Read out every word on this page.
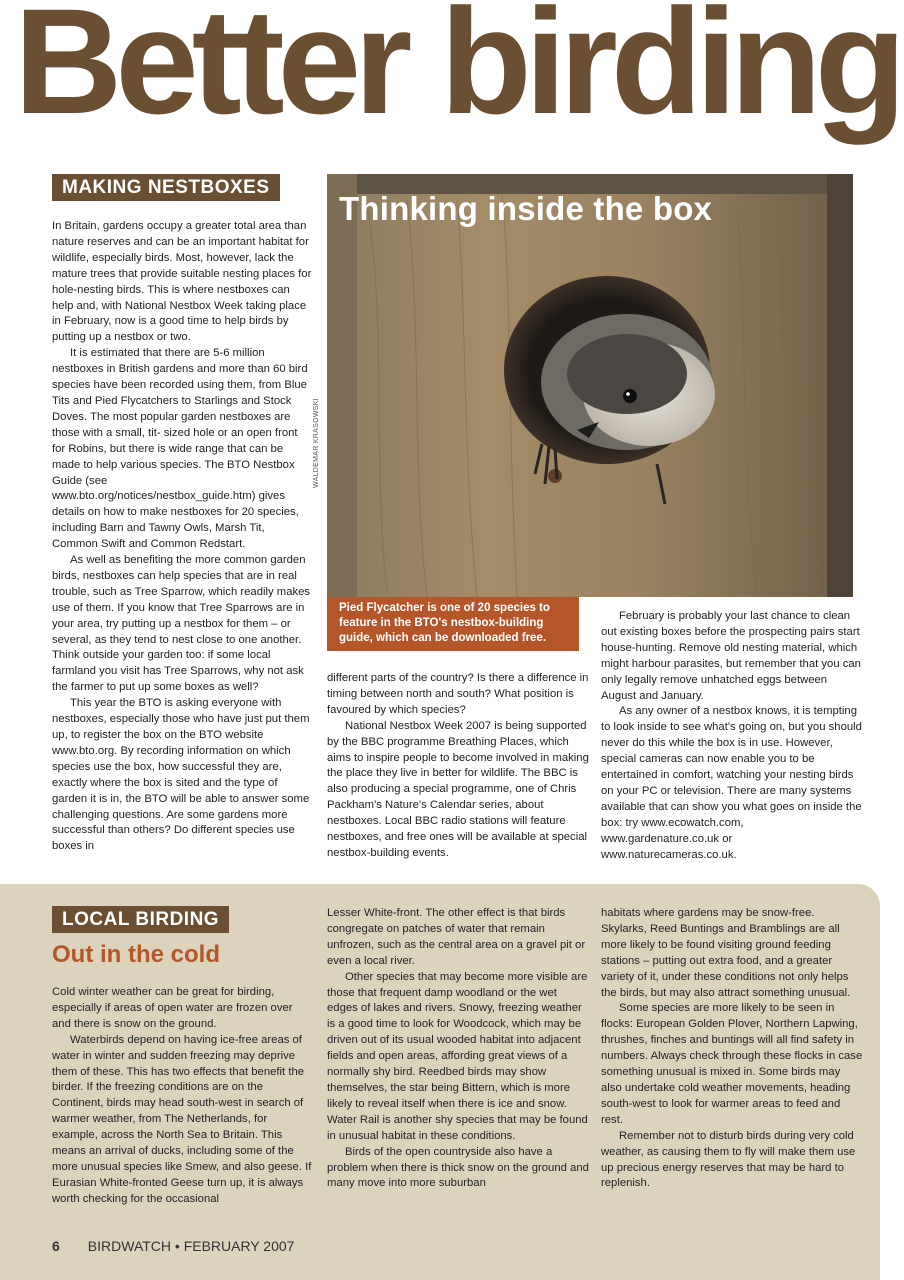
Better birding
MAKING NESTBOXES

In Britain, gardens occupy a greater total area than nature reserves and can be an important habitat for wildlife, especially birds. Most, however, lack the mature trees that provide suitable nesting places for hole-nesting birds. This is where nestboxes can help and, with National Nestbox Week taking place in February, now is a good time to help birds by putting up a nestbox or two.

It is estimated that there are 5-6 million nestboxes in British gardens and more than 60 bird species have been recorded using them, from Blue Tits and Pied Flycatchers to Starlings and Stock Doves. The most popular garden nestboxes are those with a small, tit- sized hole or an open front for Robins, but there is wide range that can be made to help various species. The BTO Nestbox Guide (see www.bto.org/notices/nestbox_guide.htm) gives details on how to make nestboxes for 20 species, including Barn and Tawny Owls, Marsh Tit, Common Swift and Common Redstart.

As well as benefiting the more common garden birds, nestboxes can help species that are in real trouble, such as Tree Sparrow, which readily makes use of them. If you know that Tree Sparrows are in your area, try putting up a nestbox for them – or several, as they tend to nest close to one another. Think outside your garden too: if some local farmland you visit has Tree Sparrows, why not ask the farmer to put up some boxes as well?

This year the BTO is asking everyone with nestboxes, especially those who have just put them up, to register the box on the BTO website www.bto.org. By recording information on which species use the box, how successful they are, exactly where the box is sited and the type of garden it is in, the BTO will be able to answer some challenging questions. Are some gardens more successful than others? Do different species use boxes in

Thinking inside the box
WALDEMAR KRASOWSKI
Pied Flycatcher is one of 20 species to
feature in the BTO's nestbox-building
guide, which can be downloaded free.

different parts of the country? Is there a difference in timing between north and south? What position is favoured by which species?

National Nestbox Week 2007 is being supported by the BBC programme Breathing Places, which aims to inspire people to become involved in making the place they live in better for wildlife. The BBC is also producing a special programme, one of Chris Packham's Nature's Calendar series, about nestboxes. Local BBC radio stations will feature nestboxes, and free ones will be available at special nestbox-building events.

February is probably your last chance to clean out existing boxes before the prospecting pairs start house-hunting. Remove old nesting material, which might harbour parasites, but remember that you can only legally remove unhatched eggs between August and January.

As any owner of a nestbox knows, it is tempting to look inside to see what's going on, but you should never do this while the box is in use. However, special cameras can now enable you to be entertained in comfort, watching your nesting birds on your PC or television. There are many systems available that can show you what goes on inside the box: try www.ecowatch.com, www.gardenature.co.uk or www.naturecameras.co.uk.

LOCAL BIRDING
Out in the cold

Cold winter weather can be great for birding, especially if areas of open water are frozen over and there is snow on the ground.

Waterbirds depend on having ice-free areas of water in winter and sudden freezing may deprive them of these. This has two effects that benefit the birder. If the freezing conditions are on the Continent, birds may head south-west in search of warmer weather, from The Netherlands, for example, across the North Sea to Britain. This means an arrival of ducks, including some of the more unusual species like Smew, and also geese. If Eurasian White-fronted Geese turn up, it is always worth checking for the occasional

Lesser White-front. The other effect is that birds congregate on patches of water that remain unfrozen, such as the central area on a gravel pit or even a local river.

Other species that may become more visible are those that frequent damp woodland or the wet edges of lakes and rivers. Snowy, freezing weather is a good time to look for Woodcock, which may be driven out of its usual wooded habitat into adjacent fields and open areas, affording great views of a normally shy bird. Reedbed birds may show themselves, the star being Bittern, which is more likely to reveal itself when there is ice and snow. Water Rail is another shy species that may be found in unusual habitat in these conditions.

Birds of the open countryside also have a problem when there is thick snow on the ground and many move into more suburban

habitats where gardens may be snow-free. Skylarks, Reed Buntings and Bramblings are all more likely to be found visiting ground feeding stations – putting out extra food, and a greater variety of it, under these conditions not only helps the birds, but may also attract something unusual.

Some species are more likely to be seen in flocks: European Golden Plover, Northern Lapwing, thrushes, finches and buntings will all find safety in numbers. Always check through these flocks in case something unusual is mixed in. Some birds may also undertake cold weather movements, heading south-west to look for warmer areas to feed and rest.

Remember not to disturb birds during very cold weather, as causing them to fly will make them use up precious energy reserves that may be hard to replenish.

6 BIRDWATCH • FEBRUARY 2007
